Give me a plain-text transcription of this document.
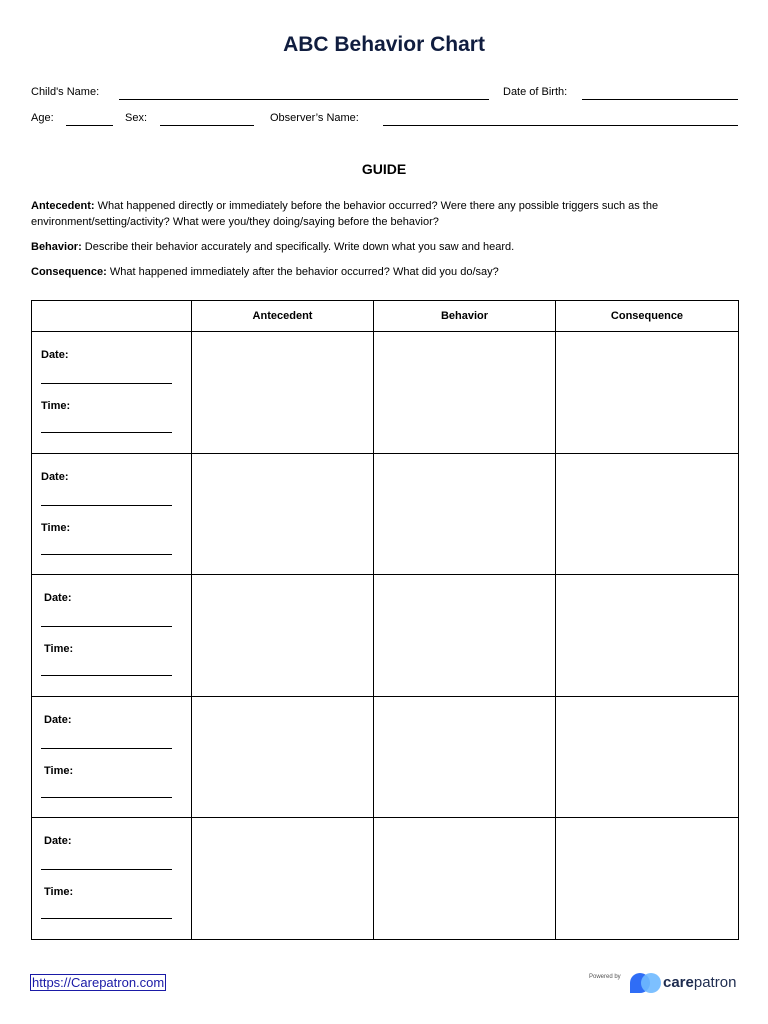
ABC Behavior Chart
Child's Name:	Date of Birth:
Age:	Sex:	Observer’s Name:
GUIDE

Antecedent: What happened directly or immediately before the behavior occurred? Were there any possible triggers such as the environment/setting/activity? What were you/they doing/saying before the behavior?

Behavior: Describe their behavior accurately and specifically. Write down what you saw and heard.

Consequence: What happened immediately after the behavior occurred? What did you do/say?

	Antecedent	Behavior	Consequence

Date:
Time:			

Date:
Time:			

Date:
Time:			

Date:
Time:			

Date:
Time:			

https://Carepatron.com	Powered by	carepatron
